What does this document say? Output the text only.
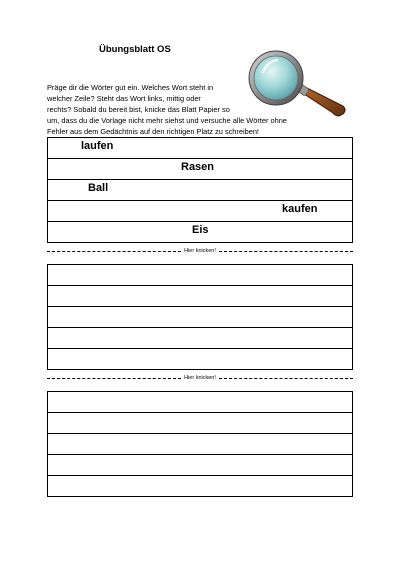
Übungsblatt OS
Präge dir die Wörter gut ein. Welches Wort steht in
welcher Zeile? Steht das Wort links, mittig oder
rechts? Sobald du bereit bist, knicke das Blatt Papier so
um, dass du die Vorlage nicht mehr siehst und versuche alle Wörter ohne
Fehler aus dem Gedächtnis auf den richtigen Platz zu schreiben!
laufen
Rasen
Ball
kaufen
Eis
Hier knicken!
Hier knicken!
